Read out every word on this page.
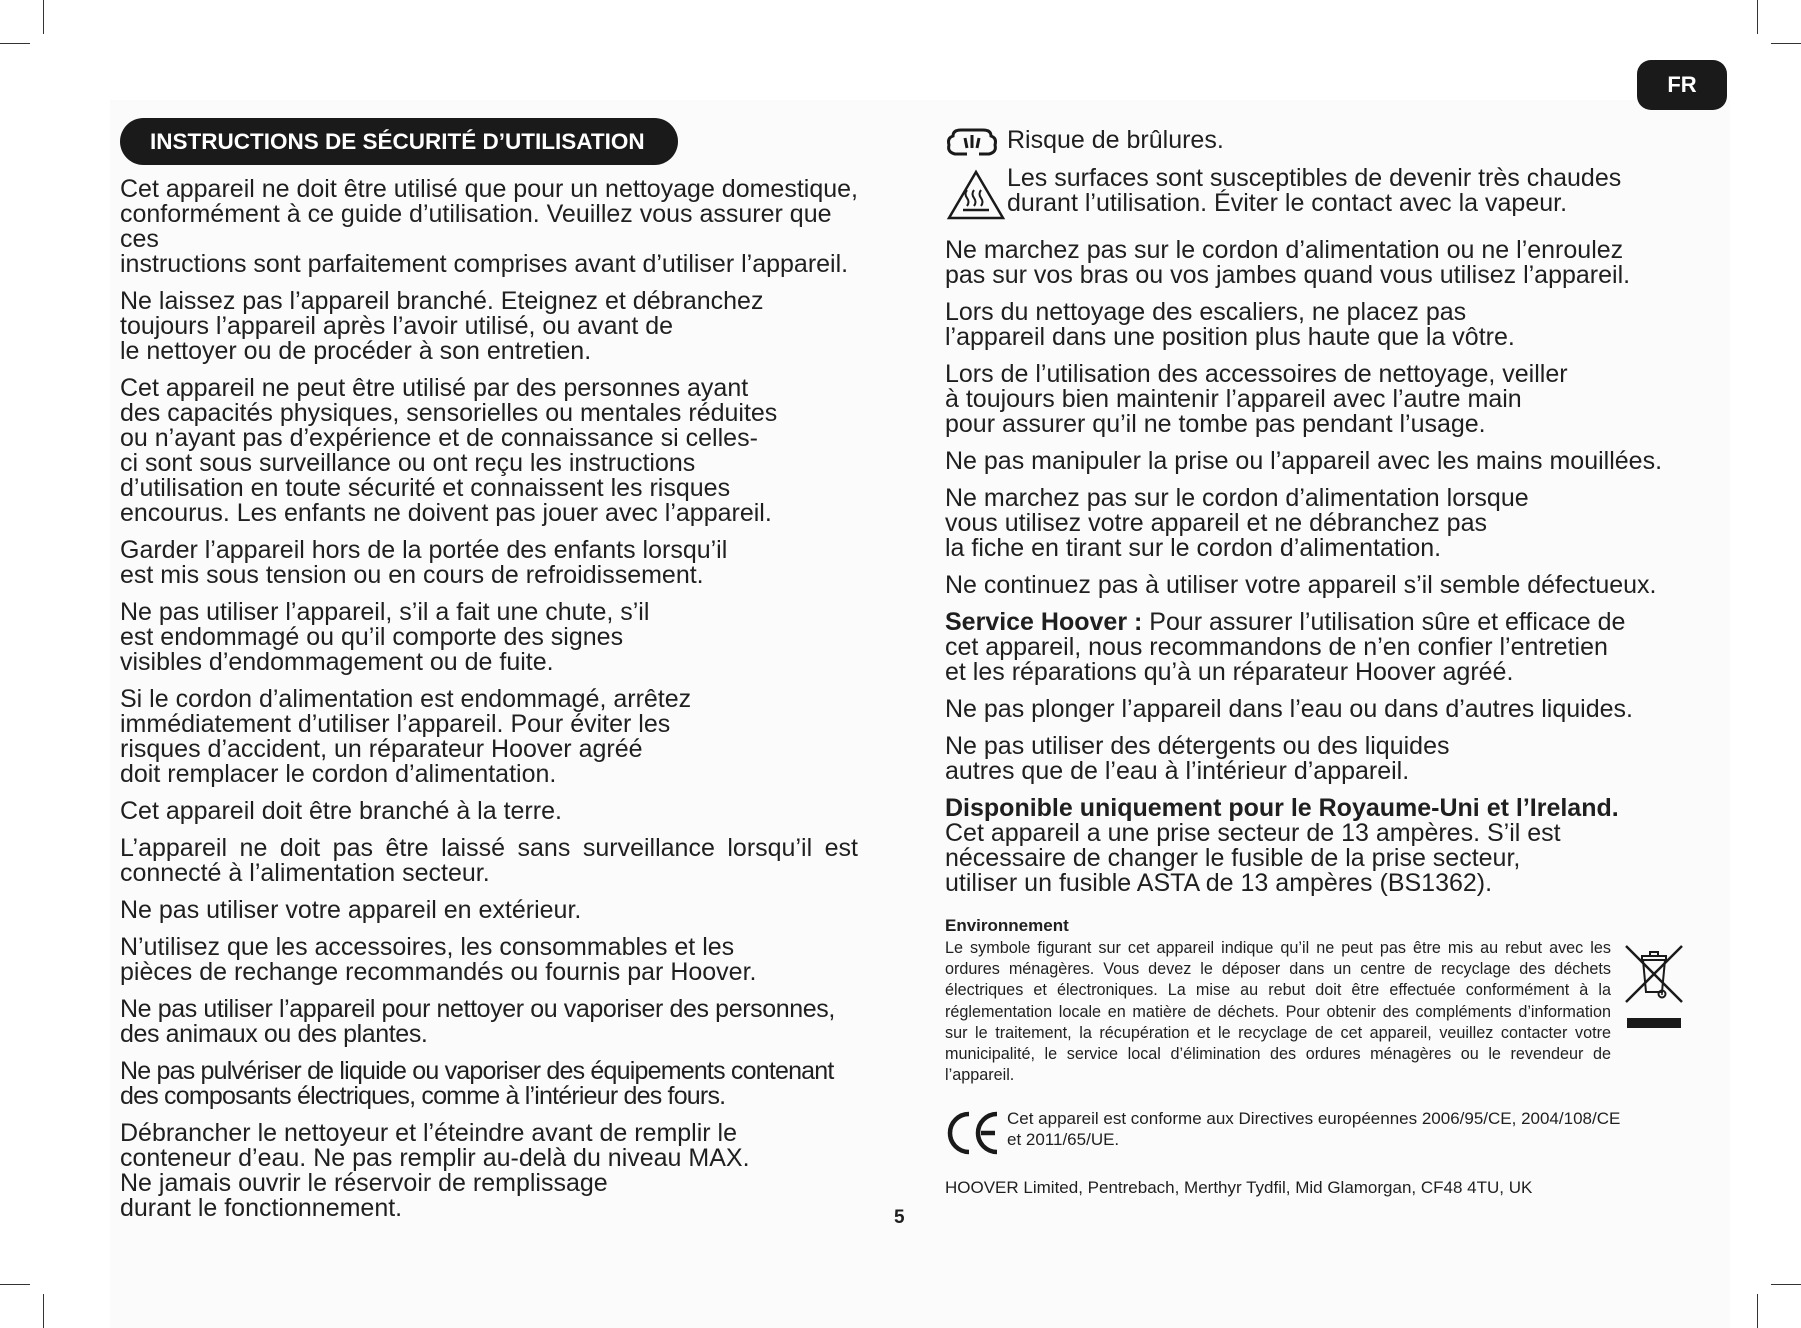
FR
INSTRUCTIONS DE SÉCURITÉ D’UTILISATION

Cet appareil ne doit être utilisé que pour un nettoyage domestique,
conformément à ce guide d’utilisation. Veuillez vous assurer que ces
instructions sont parfaitement comprises avant d’utiliser l’appareil.

Ne laissez pas l’appareil branché. Eteignez et débranchez
toujours l’appareil après l’avoir utilisé, ou avant de
le nettoyer ou de procéder à son entretien.

Cet appareil ne peut être utilisé par des personnes ayant
des capacités physiques, sensorielles ou mentales réduites
ou n’ayant pas d’expérience et de connaissance si celles-
ci sont sous surveillance ou ont reçu les instructions
d’utilisation en toute sécurité et connaissent les risques
encourus. Les enfants ne doivent pas jouer avec l’appareil.

Garder l’appareil hors de la portée des enfants lorsqu’il
est mis sous tension ou en cours de refroidissement.

Ne pas utiliser l’appareil, s’il a fait une chute, s’il
est endommagé ou qu’il comporte des signes
visibles d’endommagement ou de fuite.

Si le cordon d’alimentation est endommagé, arrêtez
immédiatement d’utiliser l’appareil. Pour éviter les
risques d’accident, un réparateur Hoover agréé
doit remplacer le cordon d’alimentation.

Cet appareil doit être branché à la terre.

L’appareil ne doit pas être laissé sans surveillance lorsqu’il est connecté à l’alimentation secteur.

Ne pas utiliser votre appareil en extérieur.

N’utilisez que les accessoires, les consommables et les
pièces de rechange recommandés ou fournis par Hoover.

Ne pas utiliser l’appareil pour nettoyer ou vaporiser des personnes,
des animaux ou des plantes.

Ne pas pulvériser de liquide ou vaporiser des équipements contenant
des composants électriques, comme à l’intérieur des fours.

Débrancher le nettoyeur et l’éteindre avant de remplir le
conteneur d’eau. Ne pas remplir au-delà du niveau MAX.
Ne jamais ouvrir le réservoir de remplissage
durant le fonctionnement.

Risque de brûlures.

Les surfaces sont susceptibles de devenir très chaudes
durant l’utilisation. Éviter le contact avec la vapeur.

Ne marchez pas sur le cordon d’alimentation ou ne l’enroulez
pas sur vos bras ou vos jambes quand vous utilisez l’appareil.

Lors du nettoyage des escaliers, ne placez pas
l’appareil dans une position plus haute que la vôtre.

Lors de l’utilisation des accessoires de nettoyage, veiller
à toujours bien maintenir l’appareil avec l’autre main
pour assurer qu’il ne tombe pas pendant l’usage.

Ne pas manipuler la prise ou l’appareil avec les mains mouillées.

Ne marchez pas sur le cordon d’alimentation lorsque
vous utilisez votre appareil et ne débranchez pas
la fiche en tirant sur le cordon d’alimentation.

Ne continuez pas à utiliser votre appareil s’il semble défectueux.

Service Hoover : Pour assurer l’utilisation sûre et efficace de
cet appareil, nous recommandons de n’en confier l’entretien
et les réparations qu’à un réparateur Hoover agréé.

Ne pas plonger l’appareil dans l’eau ou dans d’autres liquides.

Ne pas utiliser des détergents ou des liquides
autres que de l’eau à l’intérieur d’appareil.

Disponible uniquement pour le Royaume-Uni et l’Ireland.
Cet appareil a une prise secteur de 13 ampères. S’il est
nécessaire de changer le fusible de la prise secteur,
utiliser un fusible ASTA de 13 ampères (BS1362).

Environnement

Le symbole figurant sur cet appareil indique qu’il ne peut pas être mis au rebut avec les ordures ménagères. Vous devez le déposer dans un centre de recyclage des déchets électriques et électroniques. La mise au rebut doit être effectuée conformément à la réglementation locale en matière de déchets. Pour obtenir des compléments d’information sur le traitement, la récupération et le recyclage de cet appareil, veuillez contacter votre municipalité, le service local d’élimination des ordures ménagères ou le revendeur de l’appareil.

Cet appareil est conforme aux Directives européennes 2006/95/CE, 2004/108/CE
et 2011/65/UE.

HOOVER Limited, Pentrebach, Merthyr Tydfil, Mid Glamorgan, CF48 4TU, UK
5
